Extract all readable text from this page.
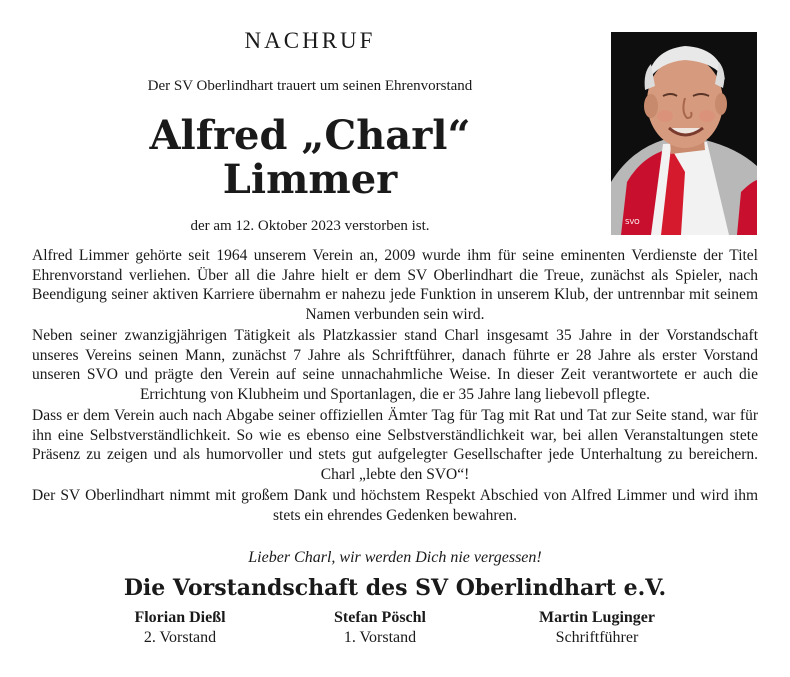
NACHRUF
Der SV Oberlindhart trauert um seinen Ehrenvorstand
Alfred „Charl“
Limmer
der am 12. Oktober 2023 verstorben ist.	SVO

Alfred Limmer gehörte seit 1964 unserem Verein an, 2009 wurde ihm für seine eminenten Verdienste der Titel Ehrenvorstand verliehen. Über all die Jahre hielt er dem SV Oberlindhart die Treue, zunächst als Spieler, nach Beendigung seiner aktiven Karriere übernahm er nahezu jede Funktion in unserem Klub, der untrennbar mit seinem Namen verbunden sein wird.

Neben seiner zwanzigjährigen Tätigkeit als Platzkassier stand Charl insgesamt 35 Jahre in der Vorstandschaft unseres Vereins seinen Mann, zunächst 7 Jahre als Schriftführer, danach führte er 28 Jahre als erster Vorstand unseren SVO und prägte den Verein auf seine unnachahmliche Weise. In dieser Zeit verantwortete er auch die Errichtung von Klubheim und Sportanlagen, die er 35 Jahre lang liebevoll pflegte.

Dass er dem Verein auch nach Abgabe seiner offiziellen Ämter Tag für Tag mit Rat und Tat zur Seite stand, war für ihn eine Selbstverständlichkeit. So wie es ebenso eine Selbstverständlichkeit war, bei allen Veranstaltungen stete Präsenz zu zeigen und als humorvoller und stets gut aufgelegter Gesellschafter jede Unterhaltung zu bereichern. Charl „lebte den SVO“!

Der SV Oberlindhart nimmt mit großem Dank und höchstem Respekt Abschied von Alfred Limmer und wird ihm stets ein ehrendes Gedenken bewahren.

Lieber Charl, wir werden Dich nie vergessen!
Die Vorstandschaft des SV Oberlindhart e.V.
Florian Dießl
2. Vorstand
Stefan Pöschl
1. Vorstand
Martin Luginger
Schriftführer
